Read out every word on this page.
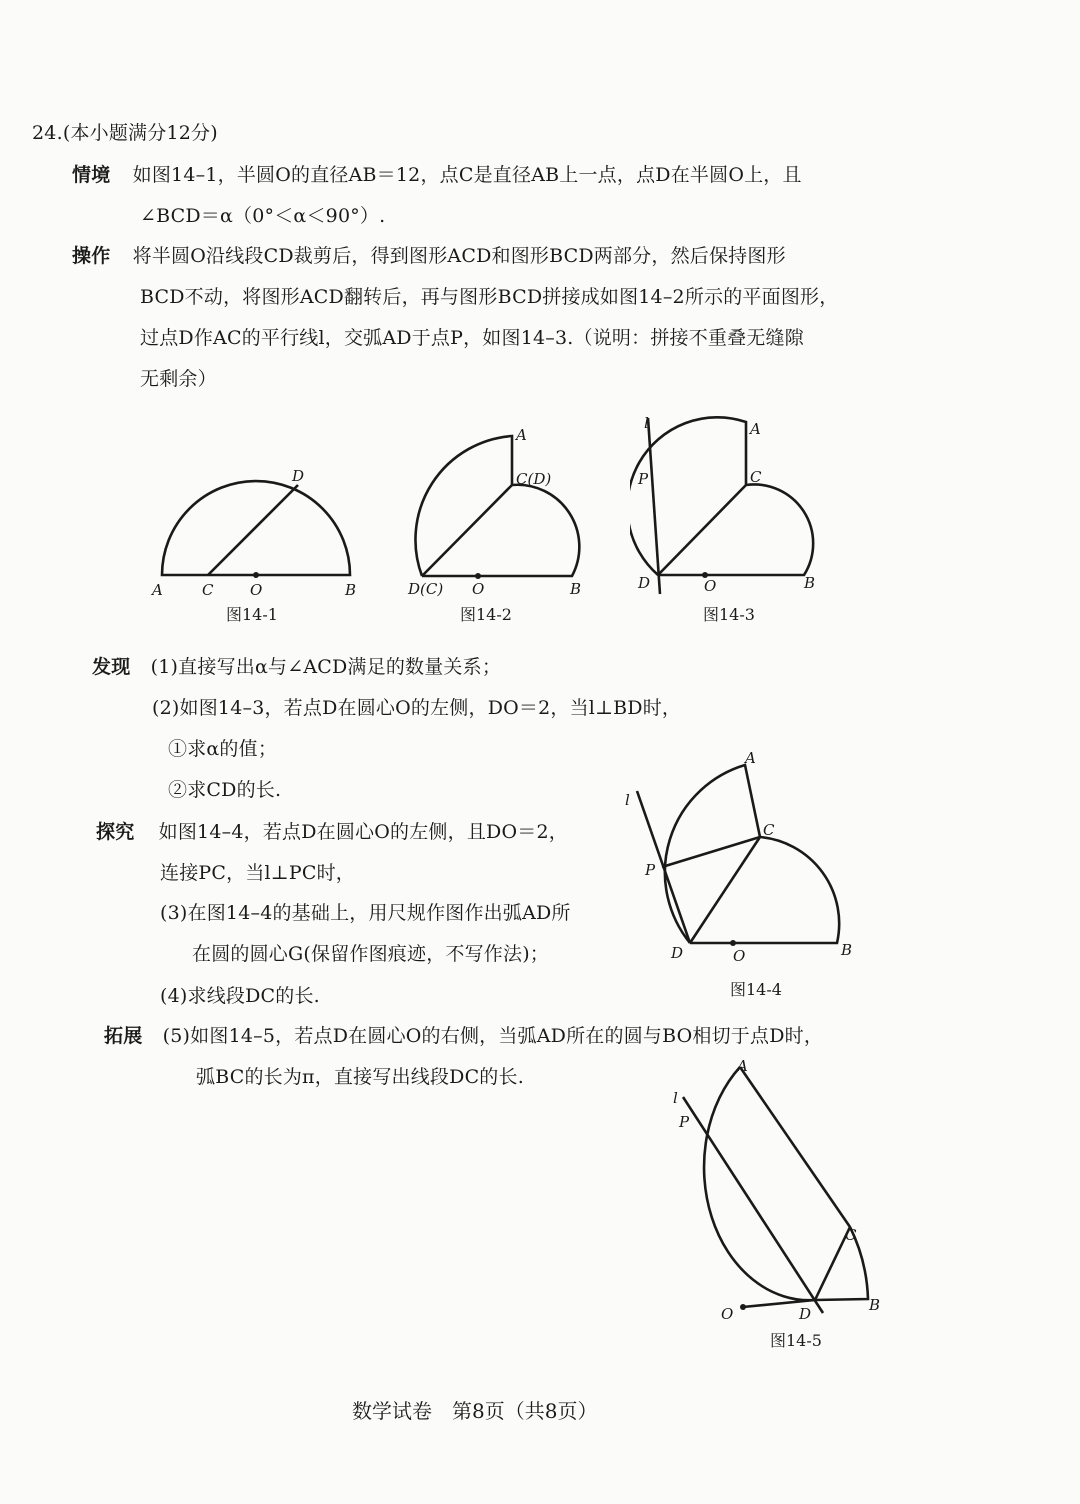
24.(本小题满分12分)
情境 如图14–1，半圆O的直径AB＝12，点C是直径AB上一点，点D在半圆O上，且
∠BCD＝α（0°＜α＜90°）.
操作 将半圆O沿线段CD裁剪后，得到图形ACD和图形BCD两部分，然后保持图形
BCD不动，将图形ACD翻转后，再与图形BCD拼接成如图14–2所示的平面图形，
过点D作AC的平行线l，交弧AD于点P，如图14–3.（说明：拼接不重叠无缝隙
无剩余）
A	C O	B
D
图14-1
A
C(D)
D(C) O	B
图14-2
l	A
P	C
D	O	B
图14-3
发现 (1)直接写出α与∠ACD满足的数量关系；
(2)如图14–3，若点D在圆心O的左侧，DO＝2，当l⊥BD时，
①求α的值；
②求CD的长.
探究 如图14–4，若点D在圆心O的左侧，且DO＝2，
连接PC，当l⊥PC时，
(3)在图14–4的基础上，用尺规作图作出弧AD所
在圆的圆心G(保留作图痕迹，不写作法)；
(4)求线段DC的长.
l
A
C
P
D	O	B
图14-4
拓展 (5)如图14–5，若点D在圆心O的右侧，当弧AD所在的圆与BO相切于点D时，
弧BC的长为π，直接写出线段DC的长.
l
A
P
C
O	D	B
图14-5
数学试卷　第8页（共8页）
